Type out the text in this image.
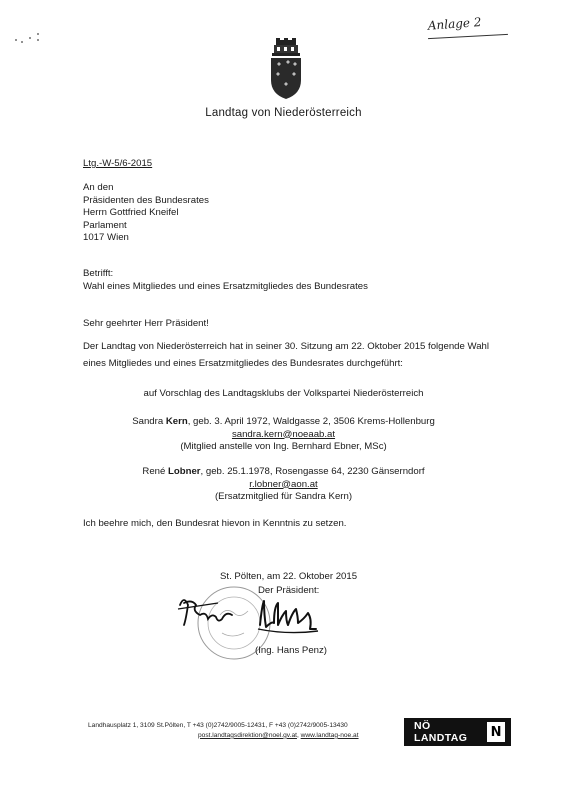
Anlage 2
Landtag von Niederösterreich
Ltg.-W-5/6-2015
An den
Präsidenten des Bundesrates
Herrn Gottfried Kneifel
Parlament
1017 Wien
Betrifft:
Wahl eines Mitgliedes und eines Ersatzmitgliedes des Bundesrates
Sehr geehrter Herr Präsident!
Der Landtag von Niederösterreich hat in seiner 30. Sitzung am 22. Oktober 2015 folgende Wahl eines Mitgliedes und eines Ersatzmitgliedes des Bundesrates durchgeführt:
auf Vorschlag des Landtagsklubs der Volkspartei Niederösterreich
Sandra Kern, geb. 3. April 1972, Waldgasse 2, 3506 Krems-Hollenburg
sandra.kern@noeaab.at
(Mitglied anstelle von Ing. Bernhard Ebner, MSc)
René Lobner, geb. 25.1.1978, Rosengasse 64, 2230 Gänserndorf
r.lobner@aon.at
(Ersatzmitglied für Sandra Kern)
Ich beehre mich, den Bundesrat hievon in Kenntnis zu setzen.
St. Pölten, am 22. Oktober 2015
Der Präsident:
(Ing. Hans Penz)
Landhausplatz 1, 3109 St.Pölten, T +43 (0)2742/9005-12431, F +43 (0)2742/9005-13430
post.landtagsdirektion@noel.gv.at, www.landtag-noe.at
NÖ LANDTAG	N
